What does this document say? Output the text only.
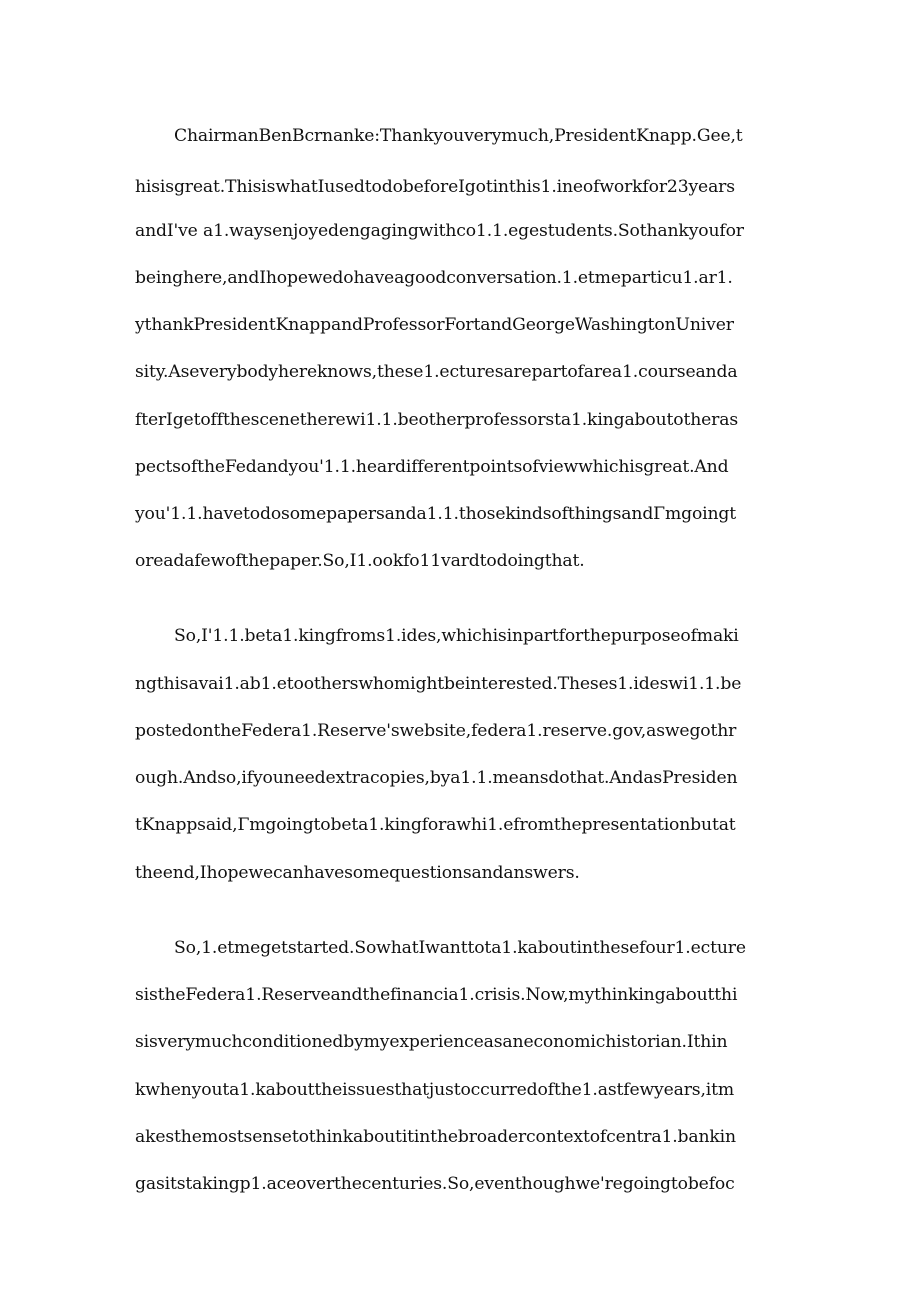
ChairmanBenBcrnanke:Thankyouverymuch,PresidentKnapp.Gee,t
hisisgreat.ThisiswhatIusedtodobeforeIgotinthis1.ineofworkfor23years
andI've a1.waysenjoyedengagingwithco1.1.egestudents.Sothankyoufor
beinghere,andIhopewedohaveagoodconversation.1.etmeparticu1.ar1.
ythankPresidentKnappandProfessorFortandGeorgeWashingtonUniver
sity.Aseverybodyhereknows,these1.ecturesarepartofarea1.courseanda
fterIgetoffthescenetherewi1.1.beotherprofessorsta1.kingaboutotheras
pectsoftheFedandyou'1.1.heardifferentpointsofviewwhichisgreat.And
you'1.1.havetodosomepapersanda1.1.thosekindsofthingsandΓmgoingt
oreadafewofthepaper.So,I1.ookfo11vardtodoingthat.
So,I'1.1.beta1.kingfroms1.ides,whichisinpartforthepurposeofmaki
ngthisavai1.ab1.etootherswhomightbeinterested.Theses1.ideswi1.1.be
postedontheFedera1.Reserve'swebsite,federa1.reserve.gov,aswegothr
ough.Andso,ifyouneedextracopies,bya1.1.meansdothat.AndasPresiden
tKnappsaid,Γmgoingtobeta1.kingforawhi1.efromthepresentationbutat
theend,Ihopewecanhavesomequestionsandanswers.
So,1.etmegetstarted.SowhatIwanttota1.kaboutinthesefour1.ecture
sistheFedera1.Reserveandthefinancia1.crisis.Now,mythinkingaboutthi
sisverymuchconditionedbymyexperienceasaneconomichistorian.Ithin
kwhenyouta1.kabouttheissuesthatjustoccurredofthe1.astfewyears,itm
akesthemostsensetothinkaboutitinthebroadercontextofcentra1.bankin
gasitstakingp1.aceoverthecenturies.So,eventhoughwe'regoingtobefoc
